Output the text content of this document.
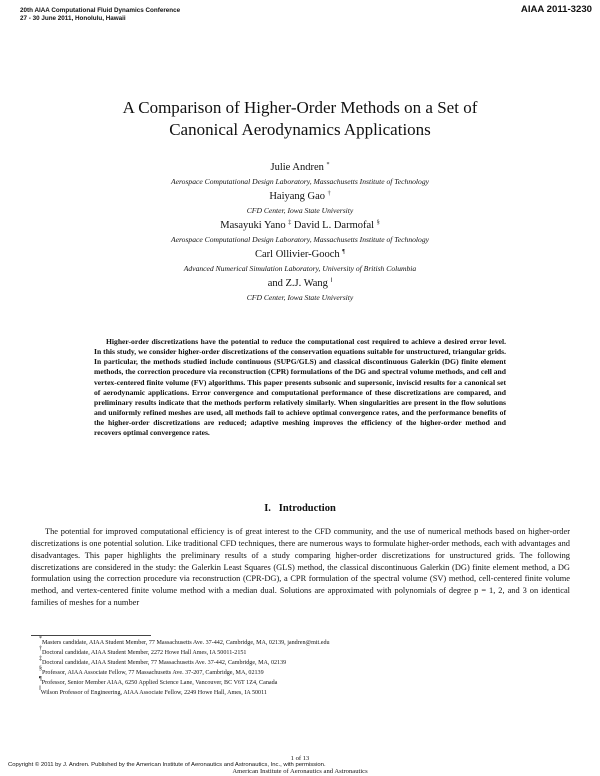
20th AIAA Computational Fluid Dynamics Conference
27 - 30 June 2011, Honolulu, Hawaii
AIAA 2011-3230
A Comparison of Higher-Order Methods on a Set of
Canonical Aerodynamics Applications
Julie Andren *
Aerospace Computational Design Laboratory, Massachusetts Institute of Technology
Haiyang Gao †
CFD Center, Iowa State University
Masayuki Yano ‡ David L. Darmofal §
Aerospace Computational Design Laboratory, Massachusetts Institute of Technology
Carl Ollivier-Gooch ¶
Advanced Numerical Simulation Laboratory, University of British Columbia
and Z.J. Wang ‖
CFD Center, Iowa State University

Higher-order discretizations have the potential to reduce the computational cost required to achieve a desired error level. In this study, we consider higher-order discretizations of the conservation equations suitable for unstructured, triangular grids. In particular, the methods studied include continuous (SUPG/GLS) and classical discontinuous Galerkin (DG) finite element methods, the correction procedure via reconstruction (CPR) formulations of the DG and spectral volume methods, and cell and vertex-centered finite volume (FV) algorithms. This paper presents subsonic and supersonic, inviscid results for a canonical set of aerodynamic applications. Error convergence and computational performance of these discretizations are compared, and preliminary results indicate that the methods perform relatively similarly. When singularities are present in the flow solutions and uniformly refined meshes are used, all methods fail to achieve optimal convergence rates, and the performance benefits of the higher-order discretizations are reduced; adaptive meshing improves the efficiency of the higher-order method and recovers optimal convergence rates.

I. Introduction

The potential for improved computational efficiency is of great interest to the CFD community, and the use of numerical methods based on higher-order discretizations is one potential solution. Like traditional CFD techniques, there are numerous ways to formulate higher-order methods, each with advantages and disadvantages. This paper highlights the preliminary results of a study comparing higher-order discretizations for unstructured grids. The following discretizations are considered in the study: the Galerkin Least Squares (GLS) method, the classical discontinuous Galerkin (DG) finite element method, a DG formulation using the correction procedure via reconstruction (CPR-DG), a CPR formulation of the spectral volume (SV) method, cell-centered finite volume method, and vertex-centered finite volume method with a median dual. Solutions are approximated with polynomials of degree p = 1, 2, and 3 on identical families of meshes for a number

*Masters candidate, AIAA Student Member, 77 Massachusetts Ave. 37-442, Cambridge, MA, 02139, jandren@mit.edu
†Doctoral candidate, AIAA Student Member, 2272 Howe Hall Ames, IA 50011-2151
‡Doctoral candidate, AIAA Student Member, 77 Massachusetts Ave. 37-442, Cambridge, MA, 02139
§Professor, AIAA Associate Fellow, 77 Massachusetts Ave. 37-207, Cambridge, MA, 02139
¶Professor, Senior Member AIAA, 6250 Applied Science Lane, Vancouver, BC V6T 1Z4, Canada
‖Wilson Professor of Engineering, AIAA Associate Fellow, 2249 Howe Hall, Ames, IA 50011
1 of 13
Copyright © 2011 by J. Andren. Published by the American Institute of Aeronautics and Astronautics, Inc., with permission.
American Institute of Aeronautics and Astronautics
